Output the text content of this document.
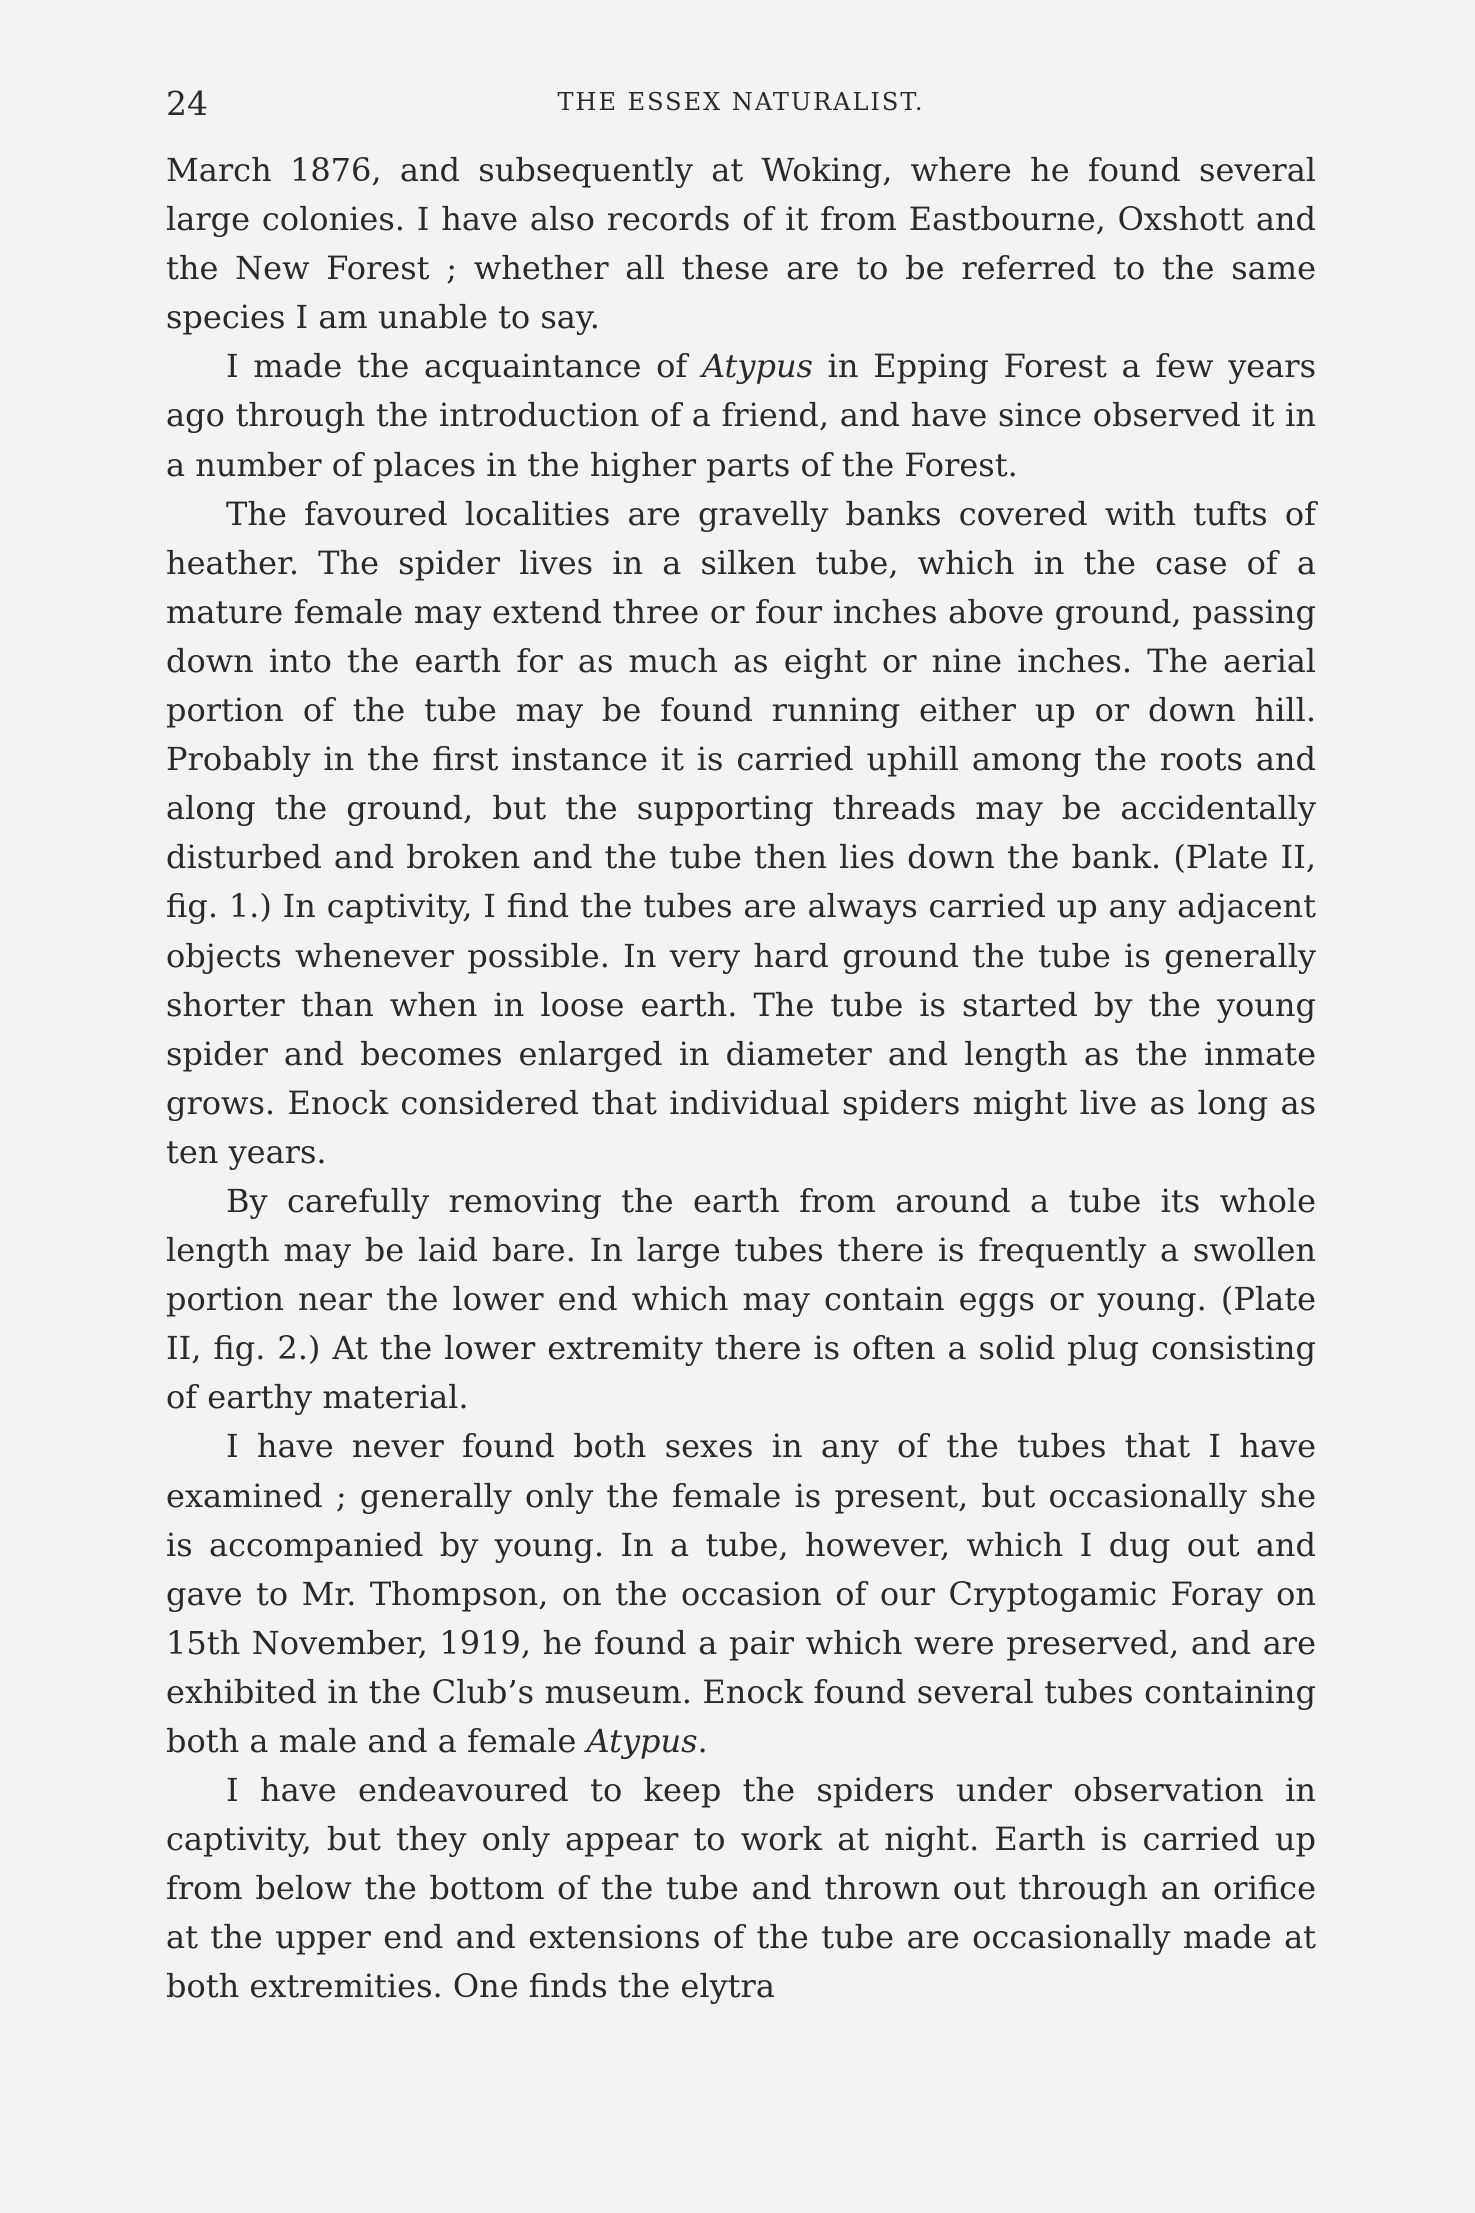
24	THE ESSEX NATURALIST.

March 1876, and subsequently at Woking, where he found several large colonies. I have also records of it from Eastbourne, Oxshott and the New Forest ; whether all these are to be referred to the same species I am unable to say.

I made the acquaintance of Atypus in Epping Forest a few years ago through the introduction of a friend, and have since observed it in a number of places in the higher parts of the Forest.

The favoured localities are gravelly banks covered with tufts of heather. The spider lives in a silken tube, which in the case of a mature female may extend three or four inches above ground, passing down into the earth for as much as eight or nine inches. The aerial portion of the tube may be found running either up or down hill. Probably in the first instance it is carried uphill among the roots and along the ground, but the supporting threads may be accidentally disturbed and broken and the tube then lies down the bank. (Plate II, fig. 1.) In captivity, I find the tubes are always carried up any adjacent objects whenever possible. In very hard ground the tube is generally shorter than when in loose earth. The tube is started by the young spider and becomes enlarged in diameter and length as the inmate grows. Enock considered that individual spiders might live as long as ten years.

By carefully removing the earth from around a tube its whole length may be laid bare. In large tubes there is frequently a swollen portion near the lower end which may contain eggs or young. (Plate II, fig. 2.) At the lower extremity there is often a solid plug consisting of earthy material.

I have never found both sexes in any of the tubes that I have examined ; generally only the female is present, but occasionally she is accompanied by young. In a tube, however, which I dug out and gave to Mr. Thompson, on the occasion of our Cryptogamic Foray on 15th November, 1919, he found a pair which were preserved, and are exhibited in the Club’s museum. Enock found several tubes containing both a male and a female Atypus.

I have endeavoured to keep the spiders under observation in captivity, but they only appear to work at night. Earth is carried up from below the bottom of the tube and thrown out through an orifice at the upper end and extensions of the tube are occasionally made at both extremities. One finds the elytra
